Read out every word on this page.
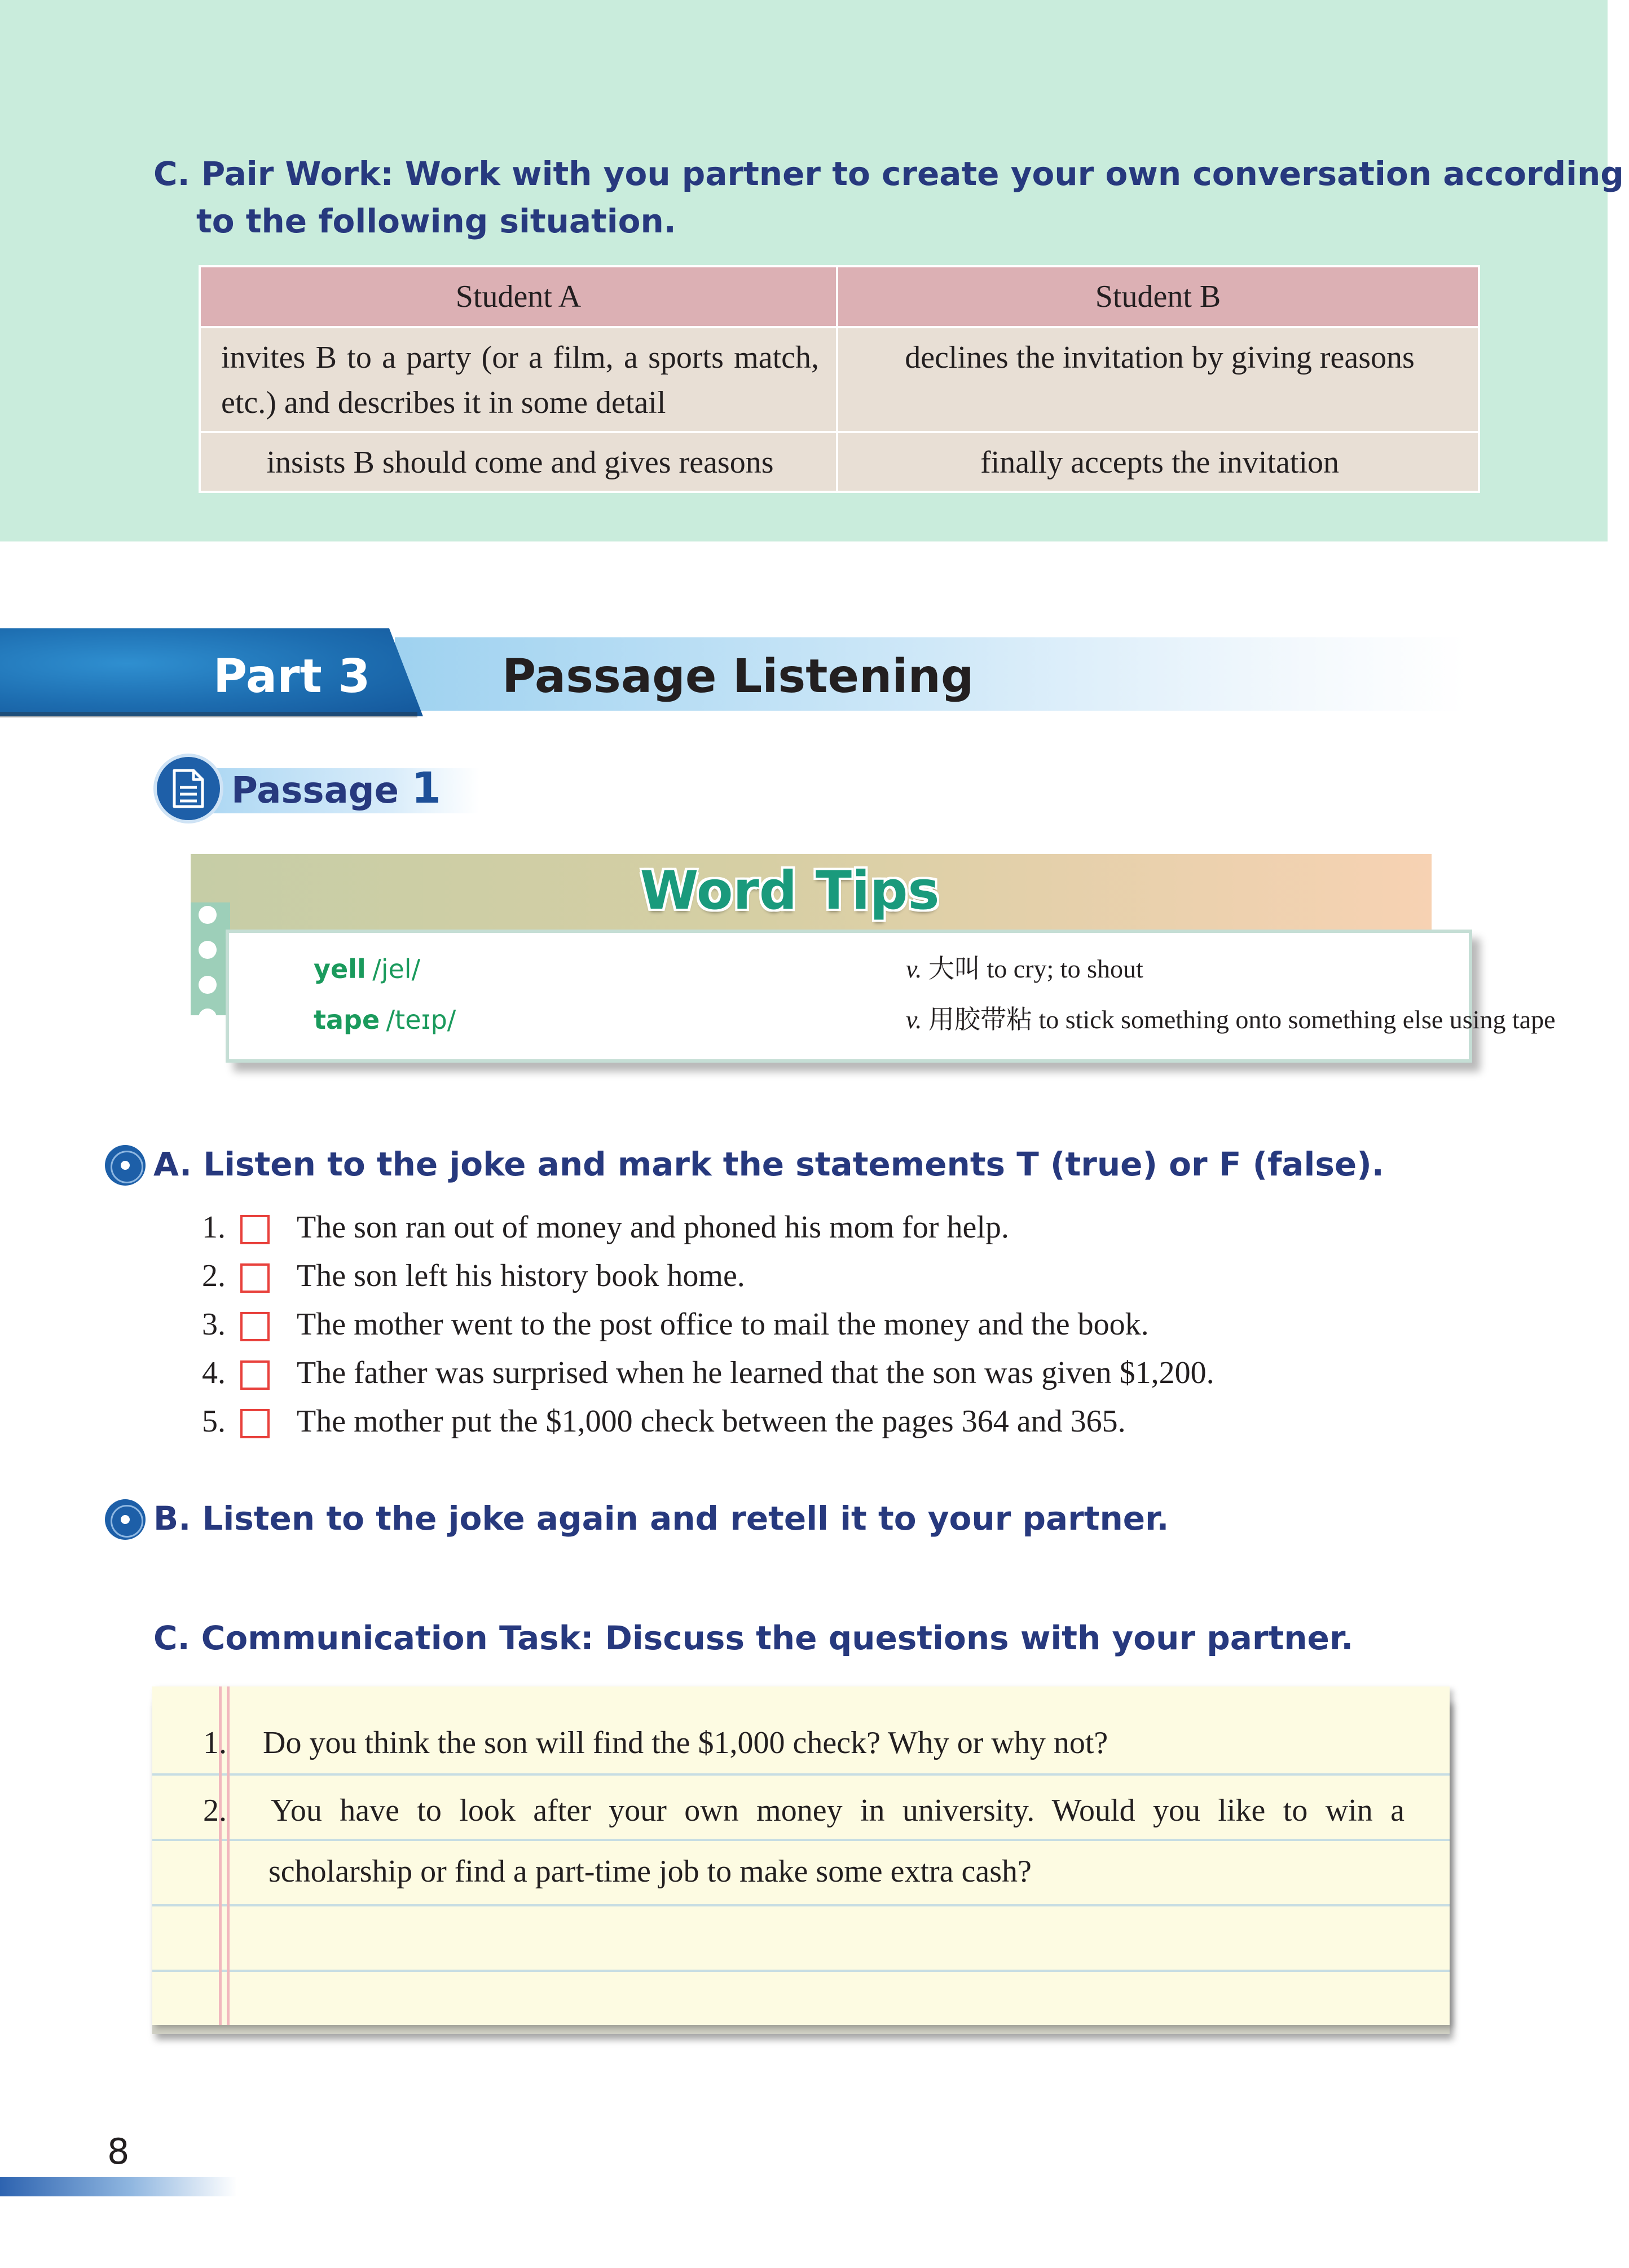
C. Pair Work: Work with you partner to create your own conversation according
to the following situation.
Student A	Student B
invites B to a party (or a film, a sports match, etc.) and describes it in some detail	declines the invitation by giving reasons
insists B should come and gives reasons	finally accepts the invitation
Part 3	Passage Listening
Passage 1
Word Tips
yell /jel/	v. 大叫 to cry; to shout
tape /teɪp/	v. 用胶带粘 to stick something onto something else using tape
A. Listen to the joke and mark the statements T (true) or F (false).
1. The son ran out of money and phoned his mom for help.
2. The son left his history book home.
3. The mother went to the post office to mail the money and the book.
4. The father was surprised when he learned that the son was given $1,200.
5. The mother put the $1,000 check between the pages 364 and 365.
B. Listen to the joke again and retell it to your partner.
C. Communication Task: Discuss the questions with your partner.
1. Do you think the son will find the $1,000 check? Why or why not?
2. You have to look after your own money in university. Would you like to win a
scholarship or find a part-time job to make some extra cash?
8
